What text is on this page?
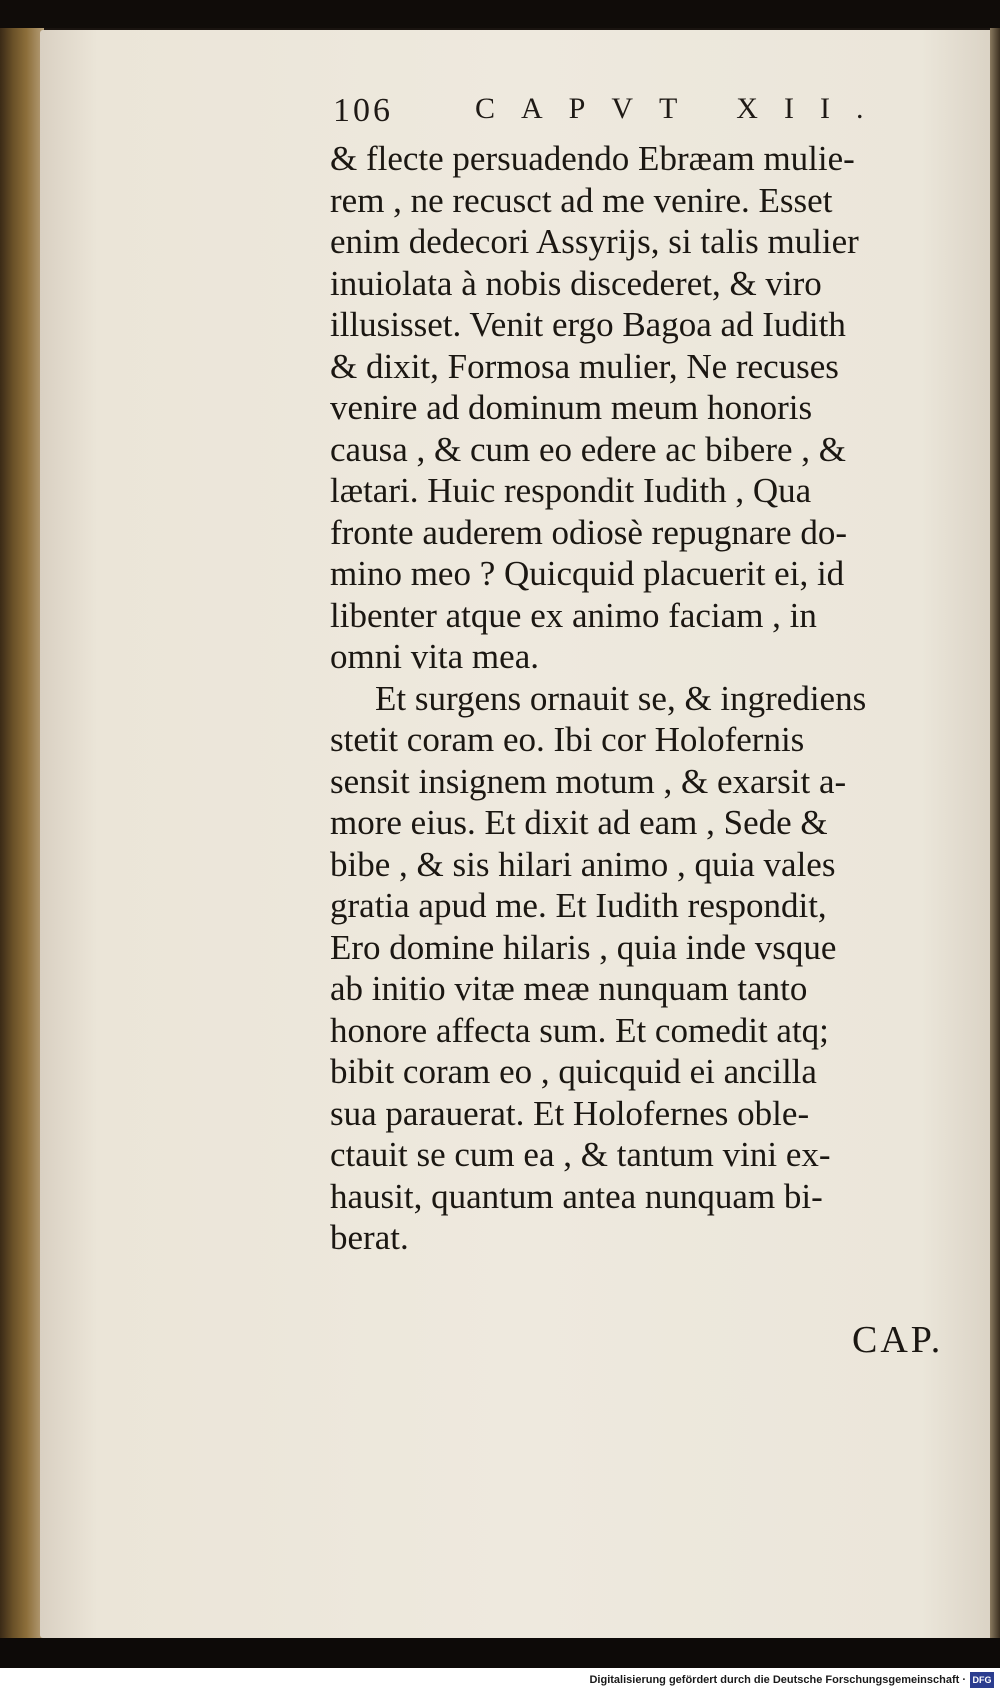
106	CAPVT XII.
& flecte persuadendo Ebræam mulie-
rem , ne recusct ad me venire. Esset
enim dedecori Assyrijs, si talis mulier
inuiolata à nobis discederet, & viro
illusisset. Venit ergo Bagoa ad Iudith
& dixit, Formosa mulier, Ne recuses
venire ad dominum meum honoris
causa , & cum eo edere ac bibere , &
lætari. Huic respondit Iudith , Qua
fronte auderem odiosè repugnare do-
mino meo ? Quicquid placuerit ei, id
libenter atque ex animo faciam , in
omni vita mea.
Et surgens ornauit se, & ingrediens
stetit coram eo. Ibi cor Holofernis
sensit insignem motum , & exarsit a-
more eius. Et dixit ad eam , Sede &
bibe , & sis hilari animo , quia vales
gratia apud me. Et Iudith respondit,
Ero domine hilaris , quia inde vsque
ab initio vitæ meæ nunquam tanto
honore affecta sum. Et comedit atq;
bibit coram eo , quicquid ei ancilla
sua parauerat. Et Holofernes oble-
ctauit se cum ea , & tantum vini ex-
hausit, quantum antea nunquam bi-
berat.
CAP.
Digitalisierung gefördert durch die Deutsche Forschungsgemeinschaft · DFG
